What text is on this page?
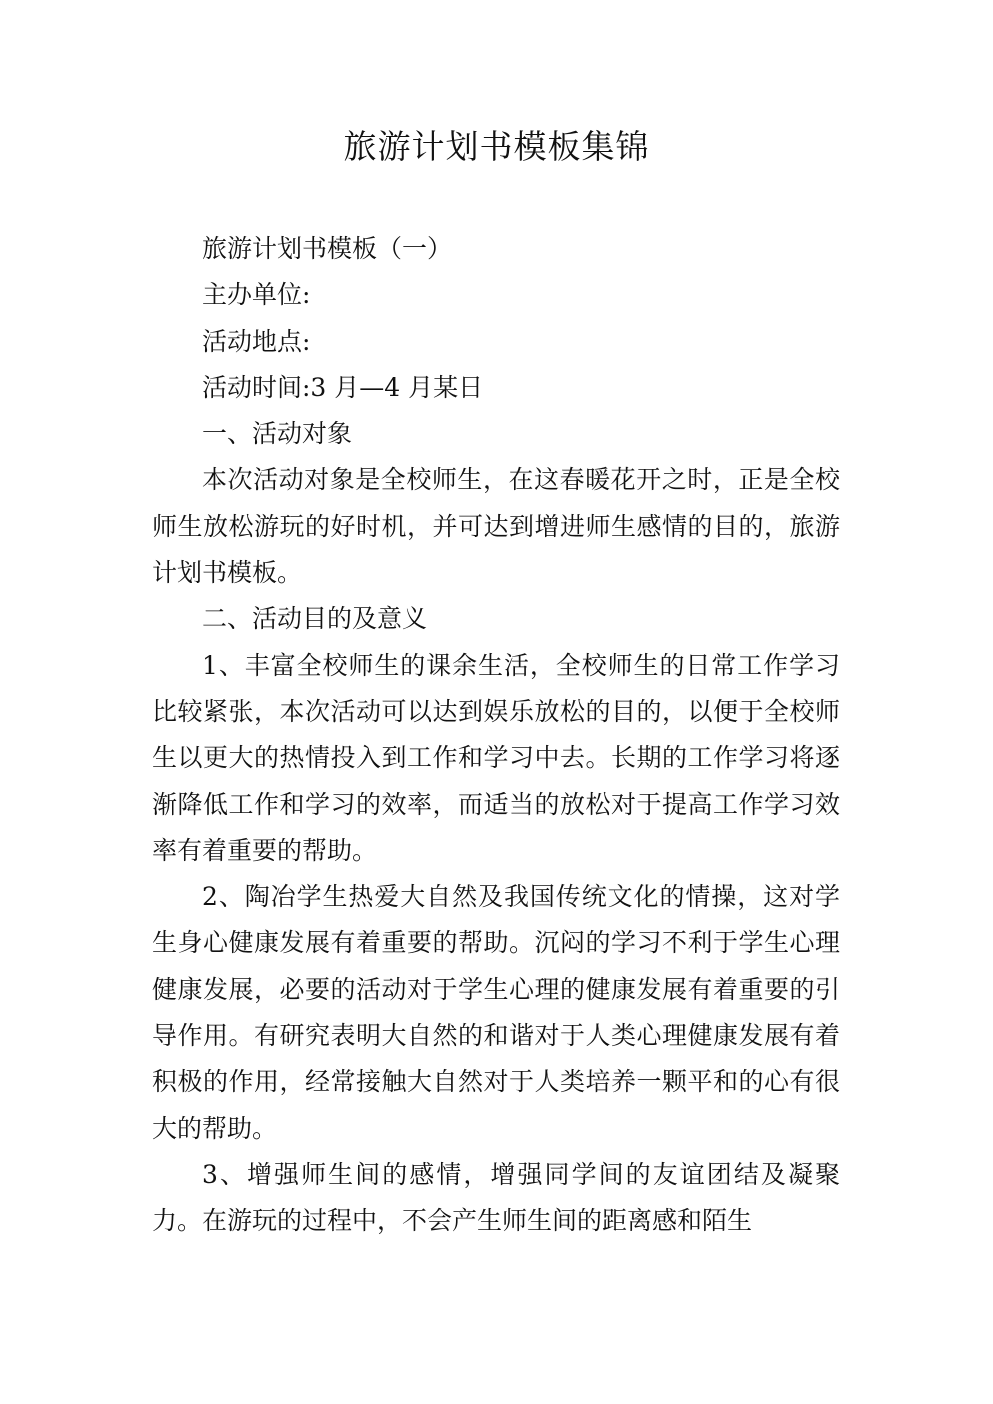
旅游计划书模板集锦

旅游计划书模板（一）

主办单位:

活动地点:

活动时间:3 月—4 月某日

一、活动对象

本次活动对象是全校师生，在这春暖花开之时，正是全校师生放松游玩的好时机，并可达到增进师生感情的目的，旅游计划书模板。

二、活动目的及意义

1、丰富全校师生的课余生活，全校师生的日常工作学习比较紧张，本次活动可以达到娱乐放松的目的，以便于全校师生以更大的热情投入到工作和学习中去。长期的工作学习将逐渐降低工作和学习的效率，而适当的放松对于提高工作学习效率有着重要的帮助。

2、陶冶学生热爱大自然及我国传统文化的情操，这对学生身心健康发展有着重要的帮助。沉闷的学习不利于学生心理健康发展，必要的活动对于学生心理的健康发展有着重要的引导作用。有研究表明大自然的和谐对于人类心理健康发展有着积极的作用，经常接触大自然对于人类培养一颗平和的心有很大的帮助。

3、增强师生间的感情，增强同学间的友谊团结及凝聚力。在游玩的过程中，不会产生师生间的距离感和陌生
